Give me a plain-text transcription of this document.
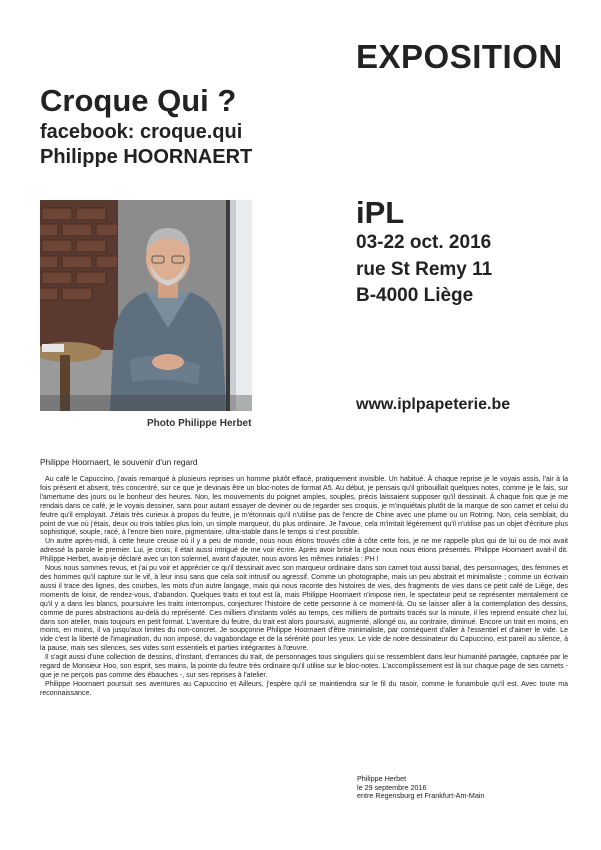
EXPOSITION
Croque Qui ?
facebook: croque.qui
Philippe HOORNAERT
Photo Philippe Herbet
iPL
03-22 oct. 2016
rue St Remy 11
B-4000 Liège
www.iplpapeterie.be
Philippe Hoornaert, le souvenir d'un regard

Au café le Capuccino, j'avais remarqué à plusieurs reprises un homme plutôt effacé, pratiquement invisible. Un habitué. À chaque reprise je le voyais assis, l'air à la fois présent et absent, très concentré, sur ce que je devinais être un bloc-notes de format A5. Au début, je pensais qu'il gribouillait quelques notes, comme je le fais, sur l'amertume des jours ou le bonheur des heures. Non, les mouvements du poignet amples, souples, précis laissaient supposer qu'il dessinait. À chaque fois que je me rendais dans ce café, je le voyais dessiner, sans pour autant essayer de deviner ou de regarder ses croquis, je m'inquiétais plutôt de la marque de son carnet et celui du feutre qu'il employait. J'étais très curieux à propos du feutre, je m'étonnais qu'il n'utilise pas de l'encre de Chine avec une plume ou un Rotring. Non, cela semblait, du point de vue où j'étais, deux ou trois tables plus loin, un simple marqueur, du plus ordinaire. Je l'avoue, cela m'irritait légèrement qu'il n'utilise pas un objet d'écriture plus sophistiqué, souple, racé, à l'encre bien noire, pigmentaire, ultra-stable dans le temps si c'est possible.

Un autre après-midi, à cette heure creuse où il y a peu de monde, nous nous étions trouvés côte à côte cette fois, je ne me rappelle plus qui de lui ou de moi avait adressé la parole le premier. Lui, je crois, il était aussi intrigué de me voir écrire. Après avoir brisé la glace nous nous étions présentés. Philippe Hoornaert avait-il dit. Philippe Herbet, avais-je déclaré avec un ton solennel, avant d'ajouter, nous avons les mêmes initiales : PH !

Nous nous sommes revus, et j'ai pu voir et apprécier ce qu'il dessinait avec son marqueur ordinaire dans son carnet tout aussi banal, des personnages, des femmes et des hommes qu'il capture sur le vif, à leur insu sans que cela soit intrusif ou agressif. Comme un photographe, mais un peu abstrait et minimaliste ; comme un écrivain aussi il trace des lignes, des courbes, les mots d'un autre langage, mais qui nous raconte des histoires de vies, des fragments de vies dans ce petit café de Liège, des moments de loisir, de rendez-vous, d'abandon. Quelques traits et tout est là, mais Philippe Hoornaert n'impose rien, le spectateur peut se représenter mentalement ce qu'il y a dans les blancs, poursuivre les traits interrompus, conjecturer l'histoire de cette personne à ce moment-là. Ou se laisser aller à la contemplation des dessins, comme de pures abstractions au-delà du représenté. Ces milliers d'instants volés au temps, ces milliers de portraits tracés sur la minute, il les reprend ensuite chez lui, dans son atelier, mais toujours en petit format. L'aventure du feutre, du trait est alors poursuivi, augmenté, allongé ou, au contraire, diminué. Encore un trait en moins, en moins, en moins, il va jusqu'aux limites du non-concret. Je soupçonne Philippe Hoornaert d'être minimaliste, par conséquent d'aller à l'essentiel et d'aimer le vide. Le vide c'est la liberté de l'imagination, du non imposé, du vagabondage et de la sérénité pour les yeux. Le vide de notre dessinateur du Capuccino, est pareil au silence, à la pause, mais ses silences, ses vides sont essentiels et parties intégrantes à l'œuvre.

Il s'agit aussi d'une collection de dessins, d'instant, d'errances du trait, de personnages tous singuliers qui se ressemblent dans leur humanité partagée, capturée par le regard de Monsieur Hoo, son esprit, ses mains, la pointe du feutre très ordinaire qu'il utilise sur le bloc-notes. L'accomplissement est là sur chaque page de ses carnets - que je ne perçois pas comme des ébauches -, sur ses reprises à l'atelier.

Philippe Hoornaert poursuit ses aventures au Capuccino et Ailleurs, j'espère qu'il se maintiendra sur le fil du rasoir, comme le funambule qu'il est. Avec toute ma reconnaissance.

Philippe Herbet
le 29 septembre 2016
entre Regensburg et Frankfurt-Am-Main
